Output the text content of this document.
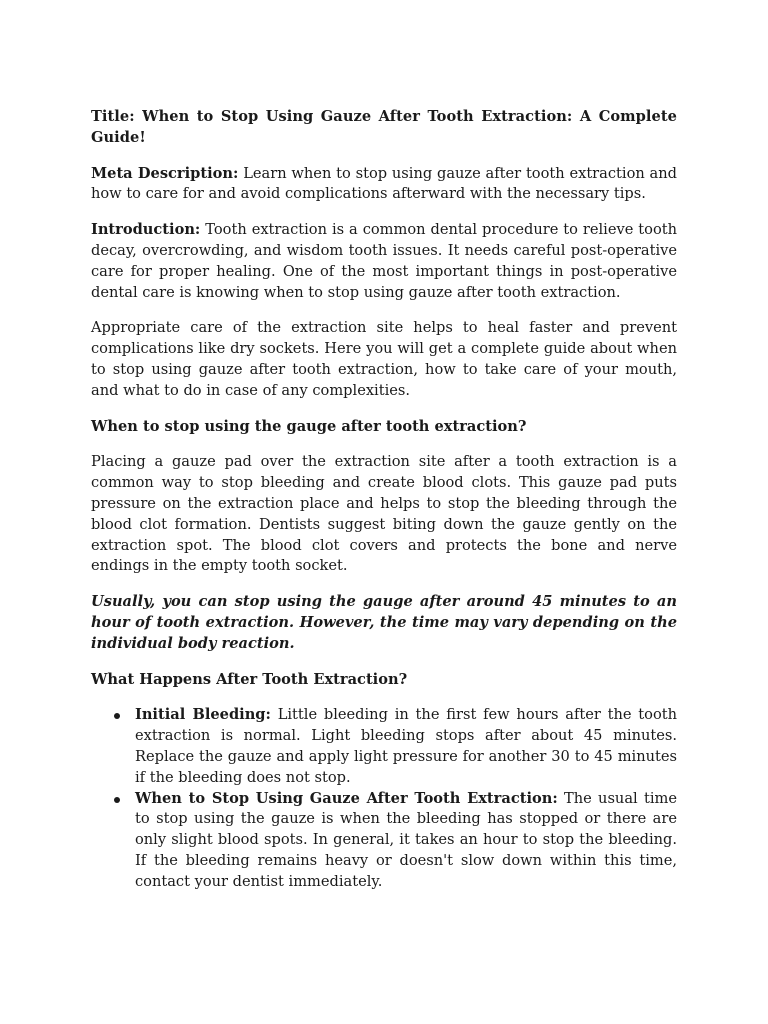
Title: When to Stop Using Gauze After Tooth Extraction: A Complete Guide!

Meta Description: Learn when to stop using gauze after tooth extraction and how to care for and avoid complications afterward with the necessary tips.

Introduction: Tooth extraction is a common dental procedure to relieve tooth decay, overcrowding, and wisdom tooth issues. It needs careful post-operative care for proper healing. One of the most important things in post-operative dental care is knowing when to stop using gauze after tooth extraction.

Appropriate care of the extraction site helps to heal faster and prevent complications like dry sockets. Here you will get a complete guide about when to stop using gauze after tooth extraction, how to take care of your mouth, and what to do in case of any complexities.

When to stop using the gauge after tooth extraction?

Placing a gauze pad over the extraction site after a tooth extraction is a common way to stop bleeding and create blood clots. This gauze pad puts pressure on the extraction place and helps to stop the bleeding through the blood clot formation. Dentists suggest biting down the gauze gently on the extraction spot. The blood clot covers and protects the bone and nerve endings in the empty tooth socket.

Usually, you can stop using the gauge after around 45 minutes to an hour of tooth extraction. However, the time may vary depending on the individual body reaction.

What Happens After Tooth Extraction?
Initial Bleeding: Little bleeding in the first few hours after the tooth extraction is normal. Light bleeding stops after about 45 minutes. Replace the gauze and apply light pressure for another 30 to 45 minutes if the bleeding does not stop.
When to Stop Using Gauze After Tooth Extraction: The usual time to stop using the gauze is when the bleeding has stopped or there are only slight blood spots. In general, it takes an hour to stop the bleeding. If the bleeding remains heavy or doesn't slow down within this time, contact your dentist immediately.
